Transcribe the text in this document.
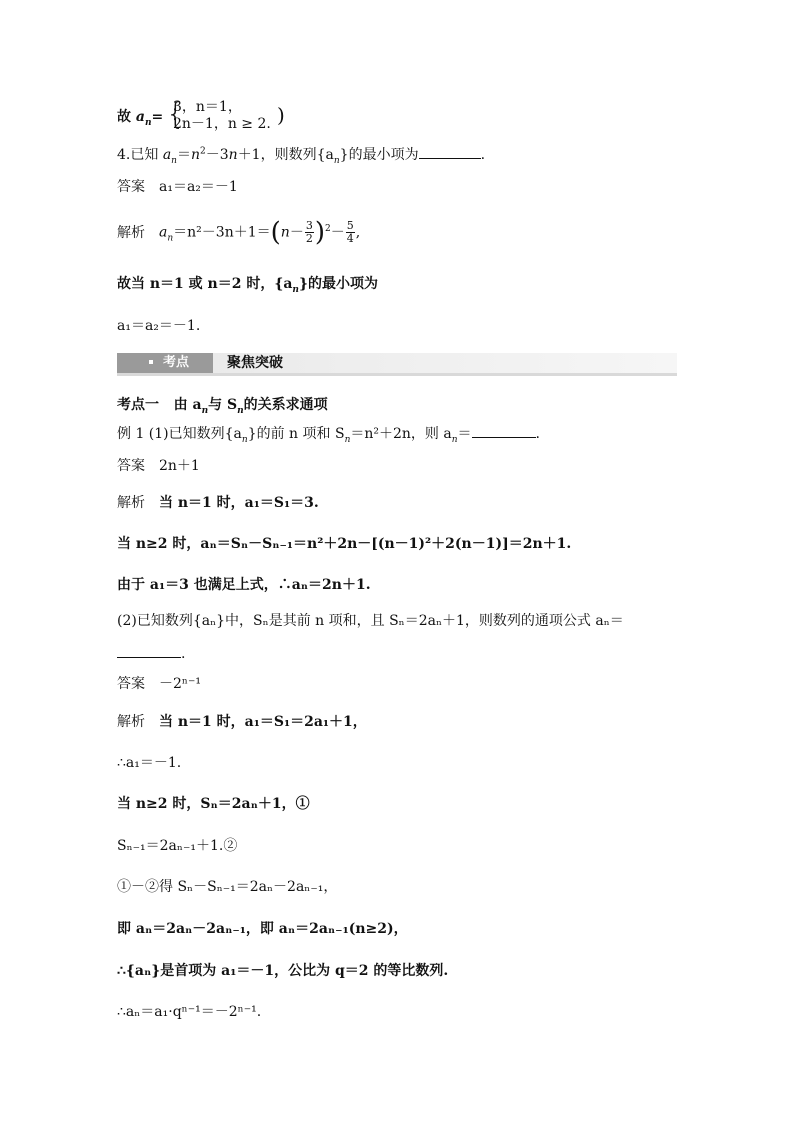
故 $a_n=$ {
3，n＝1，
2n－1，n ≥ 2. )
4.已知 $a_n=n^2-3n+1$，则数列$\{a_n\}$的最小项为	.
答案 a₁＝a₂＝－1
解析 $a_n=n^2-3n+1=(n- \frac{3}{2} )^2- \frac{5}{4}$ ,
故当 n＝1 或 n＝2 时，$\{a_n\}$的最小项为
a₁＝a₂＝－1.
考点	聚焦突破
考点一 由 $a_n$与 $S_n$的关系求通项
例 1 (1)已知数列$\{a_n\}$的前 n 项和 $S_n=n^2+2n$，则 $a_n=$	.
答案 2n＋1
解析 当 n＝1 时，a₁＝S₁＝3.
当 n≥2 时，aₙ＝Sₙ－Sₙ₋₁＝n²＋2n－[(n－1)²＋2(n－1)]＝2n＋1.
由于 a₁＝3 也满足上式，∴aₙ＝2n＋1.
(2)已知数列{aₙ}中，Sₙ是其前 n 项和，且 Sₙ＝2aₙ＋1，则数列的通项公式 aₙ＝
.
答案 －2ⁿ⁻¹
解析 当 n＝1 时，a₁＝S₁＝2a₁＋1，
∴a₁＝－1.
当 n≥2 时，Sₙ＝2aₙ＋1，①
Sₙ₋₁＝2aₙ₋₁＋1.②
①－②得 Sₙ－Sₙ₋₁＝2aₙ－2aₙ₋₁，
即 aₙ＝2aₙ－2aₙ₋₁，即 aₙ＝2aₙ₋₁(n≥2)，
∴{aₙ}是首项为 a₁＝－1，公比为 q＝2 的等比数列.
∴aₙ＝a₁·qⁿ⁻¹＝－2ⁿ⁻¹.
